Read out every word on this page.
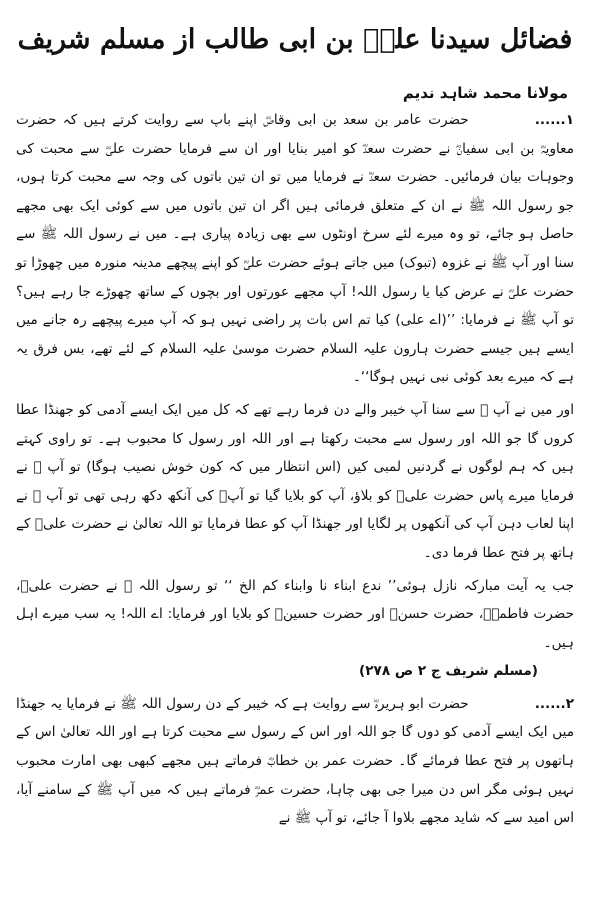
فضائل سیدنا علیؓ بن ابی طالب از مسلم شریف
مولانا محمد شاہد ندیم

۱......حضرت عامر بن سعد بن ابی وقاصؓ اپنے باپ سے روایت کرتے ہیں کہ حضرت معاویہؓ بن ابی سفیانؓ نے حضرت سعدؓ کو امیر بنایا اور ان سے فرمایا حضرت علیؓ سے محبت کی وجوہات بیان فرمائیں۔ حضرت سعدؓ نے فرمایا میں تو ان تین باتوں کی وجہ سے محبت کرتا ہوں، جو رسول اللہ ﷺ نے ان کے متعلق فرمائی ہیں اگر ان تین باتوں میں سے کوئی ایک بھی مجھے حاصل ہو جائے، تو وہ میرے لئے سرخ اونٹوں سے بھی زیادہ پیاری ہے۔ میں نے رسول اللہ ﷺ سے سنا اور آپ ﷺ نے غزوہ (تبوک) میں جاتے ہوئے حضرت علیؓ کو اپنے پیچھے مدینہ منورہ میں چھوڑا تو حضرت علیؓ نے عرض کیا یا رسول اللہ! آپ مجھے عورتوں اور بچوں کے ساتھ چھوڑے جا رہے ہیں؟ تو آپ ﷺ نے فرمایا: ’’(اے علی) کیا تم اس بات پر راضی نہیں ہو کہ آپ میرے پیچھے رہ جانے میں ایسے ہیں جیسے حضرت ہارون علیہ السلام حضرت موسیٰ علیہ السلام کے لئے تھے، بس فرق یہ ہے کہ میرے بعد کوئی نبی نہیں ہوگا‘‘۔

اور میں نے آپ ﷺ سے سنا آپ خیبر والے دن فرما رہے تھے کہ کل میں ایک ایسے آدمی کو جھنڈا عطا کروں گا جو اللہ اور رسول سے محبت رکھتا ہے اور اللہ اور رسول کا محبوب ہے۔ تو راوی کہتے ہیں کہ ہم لوگوں نے گردنیں لمبی کیں (اس انتظار میں کہ کون خوش نصیب ہوگا) تو آپ ﷺ نے فرمایا میرے پاس حضرت علیؓ کو بلاؤ، آپ کو بلایا گیا تو آپؓ کی آنکھ دکھ رہی تھی تو آپ ﷺ نے اپنا لعاب دہن آپ کی آنکھوں پر لگایا اور جھنڈا آپ کو عطا فرمایا تو اللہ تعالیٰ نے حضرت علیؓ کے ہاتھ پر فتح عطا فرما دی۔

جب یہ آیت مبارکہ نازل ہوئی’’ ندع ابناء نا وابناء کم الخ ‘‘ تو رسول اللہ ﷺ نے حضرت علیؓ، حضرت فاطمہؓ، حضرت حسنؓ اور حضرت حسینؓ کو بلایا اور فرمایا: اے اللہ! یہ سب میرے اہل ہیں۔

(مسلم شریف ج ۲ ص ۲۷۸)

۲......حضرت ابو ہریرہؓ سے روایت ہے کہ خیبر کے دن رسول اللہ ﷺ نے فرمایا یہ جھنڈا میں ایک ایسے آدمی کو دوں گا جو اللہ اور اس کے رسول سے محبت کرتا ہے اور اللہ تعالیٰ اس کے ہاتھوں پر فتح عطا فرمائے گا۔ حضرت عمر بن خطابؓ فرماتے ہیں مجھے کبھی بھی امارت محبوب نہیں ہوئی مگر اس دن میرا جی بھی چاہا، حضرت عمرؓ فرماتے ہیں کہ میں آپ ﷺ کے سامنے آیا، اس امید سے کہ شاید مجھے بلاوا آ جائے، تو آپ ﷺ نے
